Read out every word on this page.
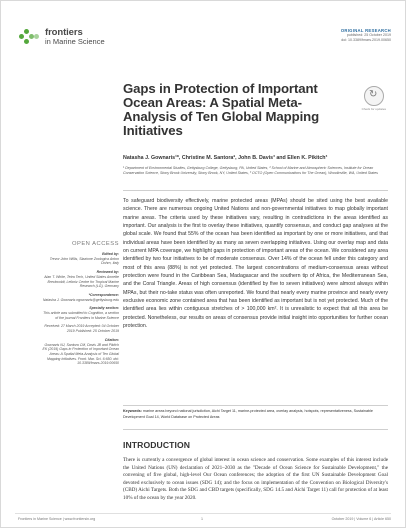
frontiers
in Marine Science
ORIGINAL RESEARCH
published: 25 October 2019
doi: 10.3389/fmars.2019.00650
↻
Check for updates
Gaps in Protection of Important Ocean Areas: A Spatial Meta-Analysis of Ten Global Mapping Initiatives
Natasha J. Gownaris¹*, Christine M. Santora², John B. Davis³ and Ellen K. Pikitch³
¹ Department of Environmental Studies, Gettysburg College, Gettysburg, PA, United States, ² School of Marine and Atmospheric Sciences, Institute for Ocean Conservation Science, Stony Brook University, Stony Brook, NY, United States, ³ OCTO (Open Communications for The Ocean), Woodinville, WA, United States
To safeguard biodiversity effectively, marine protected areas (MPAs) should be sited using the best available science. There are numerous ongoing United Nations and non-governmental initiatives to map globally important marine areas. The criteria used by these initiatives vary, resulting in contradictions in the areas identified as important. Our analysis is the first to overlay these initiatives, quantify consensus, and conduct gap analyses at the global scale. We found that 55% of the ocean has been identified as important by one or more initiatives, and that individual areas have been identified by as many as seven overlapping initiatives. Using our overlay map and data on current MPA coverage, we highlight gaps in protection of important areas of the ocean. We considered any area identified by two four initiatives to be of moderate consensus. Over 14% of the ocean fell under this category and most of this area (88%) is not yet protected. The largest concentrations of medium-consensus areas without protection were found in the Caribbean Sea, Madagascar and the southern tip of Africa, the Mediterranean Sea, and the Coral Triangle. Areas of high consensus (identified by five to seven initiatives) were almost always within MPAs, but their no-take status was often unreported. We found that nearly every marine province and nearly every exclusive economic zone contained area that has been identified as important but is not yet protected. Much of the identified area lies within contiguous stretches of > 100,000 km². It is unrealistic to expect that all this area be protected. Nonetheless, our results on areas of consensus provide initial insight into opportunities for further ocean protection.
Keywords: marine areas beyond national jurisdiction, Aichi Target 11, marine-protected area, overlay analysis, hotspots, representativeness, Sustainable Development Goal 14, World Database on Protected Areas
OPEN ACCESS
Edited by:
Trevor John Willis, Stazione Zoologica Anton Dohrn, Italy
Reviewed by:
Alan T. White, Tetra Tech, United States Annette Breckwoldt, Leibniz Centre for Tropical Marine Research (LG), Germany
*Correspondence:
Natasha J. Gownaris ngownaris@gettysburg.edu
Specialty section:
This article was submitted to Cognition, a section of the journal Frontiers in Marine Science
Received: 27 March 2019 Accepted: 04 October 2019 Published: 25 October 2019
Citation:
Gownaris NJ, Santora CM, Davis JB and Pikitch EK (2019) Gaps in Protection of Important Ocean Areas: A Spatial Meta-Analysis of Ten Global Mapping Initiatives. Front. Mar. Sci. 6:650. doi: 10.3389/fmars.2019.00650
INTRODUCTION
There is currently a convergence of global interest in ocean science and conservation. Some examples of this interest include the United Nations (UN) declaration of 2021–2030 as the "Decade of Ocean Science for Sustainable Development," the convening of five global, high-level Our Ocean conferences; the adoption of the first UN Sustainable Development Goal devoted exclusively to ocean issues (SDG 14); and the focus on implementation of the Convention on Biological Diversity's (CBD) Aichi Targets. Both the SDG and CBD targets (specifically, SDG 14.5 and Aichi Target 11) call for protection of at least 10% of the ocean by the year 2020.
Frontiers in Marine Science | www.frontiersin.org	October 2019 | Volume 6 | Article 650
1
